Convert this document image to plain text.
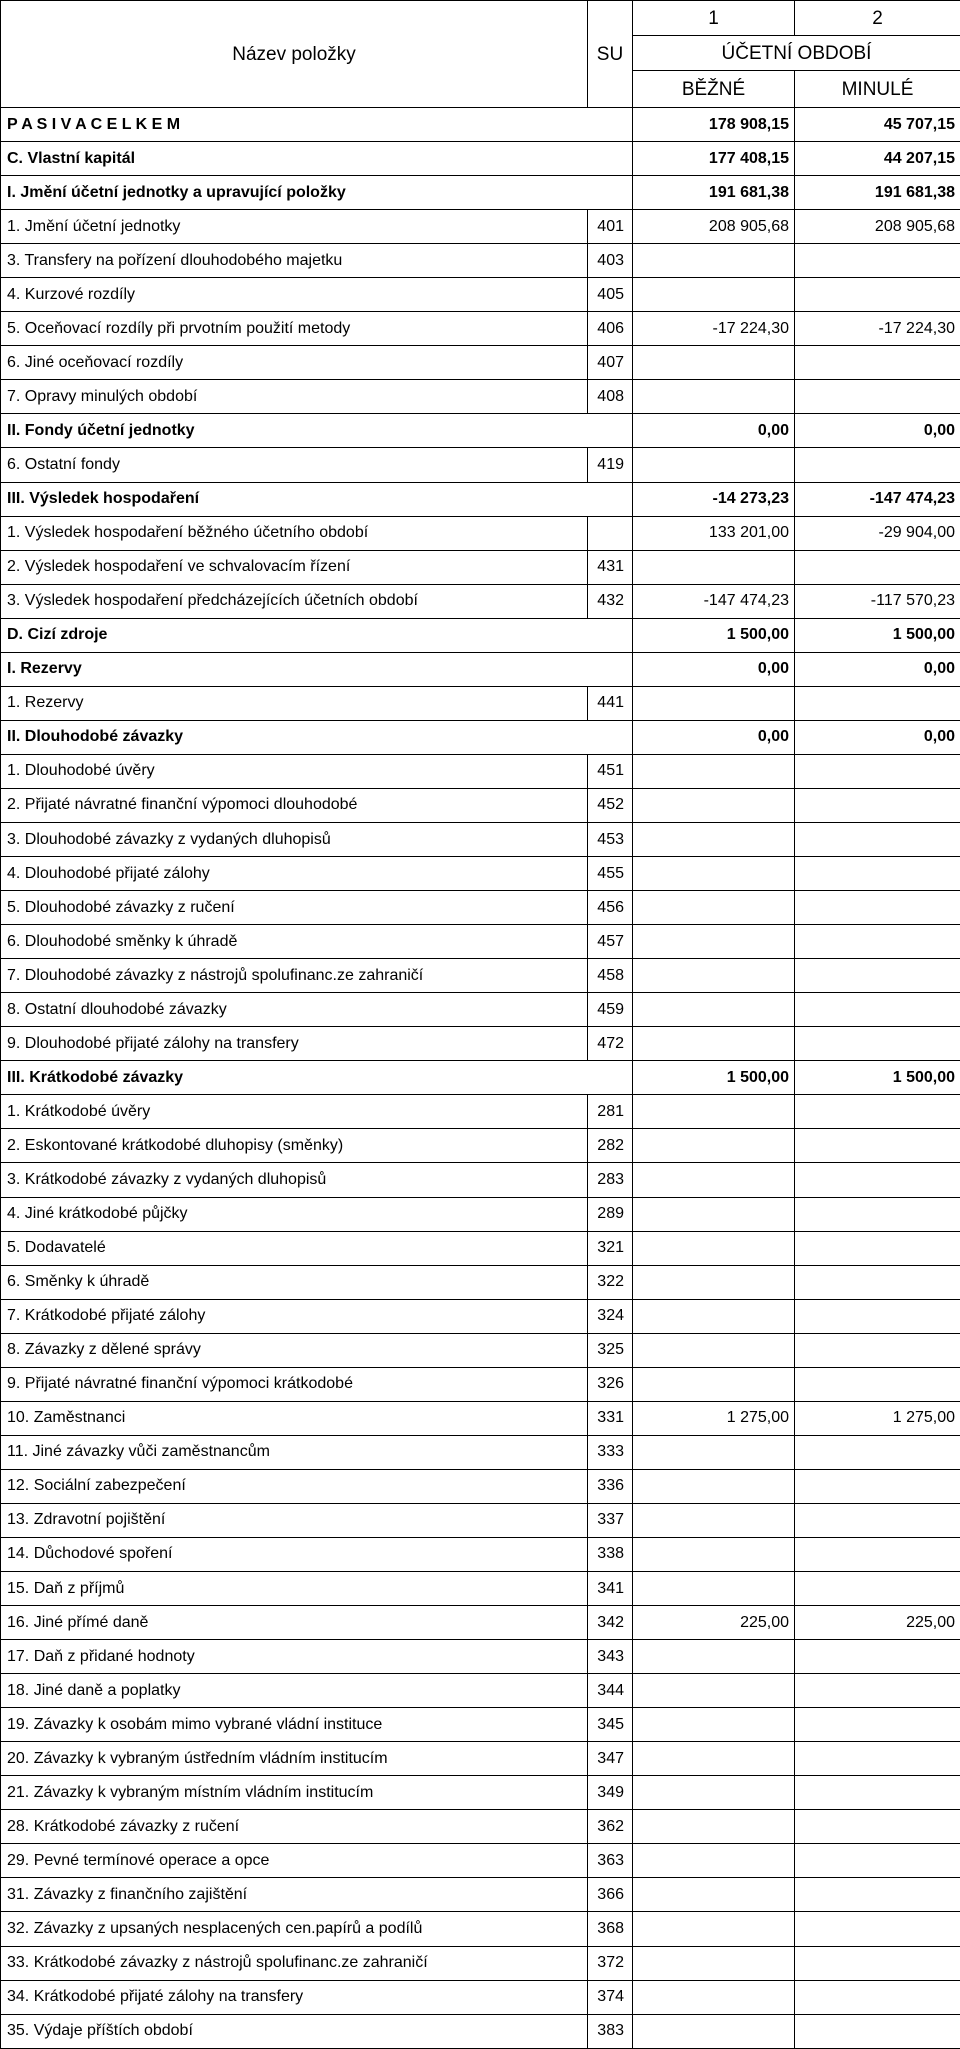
Název položky	SU	1	2
		ÚČETNÍ OBDOBÍ	
		BĚŽNÉ	MINULÉ
P A S I V A C E L K E M		178 908,15	45 707,15
C. Vlastní kapitál		177 408,15	44 207,15
I. Jmění účetní jednotky a upravující položky		191 681,38	191 681,38
1. Jmění účetní jednotky	401	208 905,68	208 905,68
3. Transfery na pořízení dlouhodobého majetku	403		
4. Kurzové rozdíly	405		
5. Oceňovací rozdíly při prvotním použití metody	406	-17 224,30	-17 224,30
6. Jiné oceňovací rozdíly	407		
7. Opravy minulých období	408		
II. Fondy účetní jednotky		0,00	0,00
6. Ostatní fondy	419		
III. Výsledek hospodaření		-14 273,23	-147 474,23
1. Výsledek hospodaření běžného účetního období		133 201,00	-29 904,00
2. Výsledek hospodaření ve schvalovacím řízení	431		
3. Výsledek hospodaření předcházejících účetních období	432	-147 474,23	-117 570,23
D. Cizí zdroje		1 500,00	1 500,00
I. Rezervy		0,00	0,00
1. Rezervy	441		
II. Dlouhodobé závazky		0,00	0,00
1. Dlouhodobé úvěry	451		
2. Přijaté návratné finanční výpomoci dlouhodobé	452		
3. Dlouhodobé závazky z vydaných dluhopisů	453		
4. Dlouhodobé přijaté zálohy	455		
5. Dlouhodobé závazky z ručení	456		
6. Dlouhodobé směnky k úhradě	457		
7. Dlouhodobé závazky z nástrojů spolufinanc.ze zahraničí	458		
8. Ostatní dlouhodobé závazky	459		
9. Dlouhodobé přijaté zálohy na transfery	472		
III. Krátkodobé závazky		1 500,00	1 500,00
1. Krátkodobé úvěry	281		
2. Eskontované krátkodobé dluhopisy (směnky)	282		
3. Krátkodobé závazky z vydaných dluhopisů	283		
4. Jiné krátkodobé půjčky	289		
5. Dodavatelé	321		
6. Směnky k úhradě	322		
7. Krátkodobé přijaté zálohy	324		
8. Závazky z dělené správy	325		
9. Přijaté návratné finanční výpomoci krátkodobé	326		
10. Zaměstnanci	331	1 275,00	1 275,00
11. Jiné závazky vůči zaměstnancům	333		
12. Sociální zabezpečení	336		
13. Zdravotní pojištění	337		
14. Důchodové spoření	338		
15. Daň z příjmů	341		
16. Jiné přímé daně	342	225,00	225,00
17. Daň z přidané hodnoty	343		
18. Jiné daně a poplatky	344		
19. Závazky k osobám mimo vybrané vládní instituce	345		
20. Závazky k vybraným ústředním vládním institucím	347		
21. Závazky k vybraným místním vládním institucím	349		
28. Krátkodobé závazky z ručení	362		
29. Pevné termínové operace a opce	363		
31. Závazky z finančního zajištění	366		
32. Závazky z upsaných nesplacených cen.papírů a podílů	368		
33. Krátkodobé závazky z nástrojů spolufinanc.ze zahraničí	372		
34. Krátkodobé přijaté zálohy na transfery	374		
35. Výdaje příštích období	383		
